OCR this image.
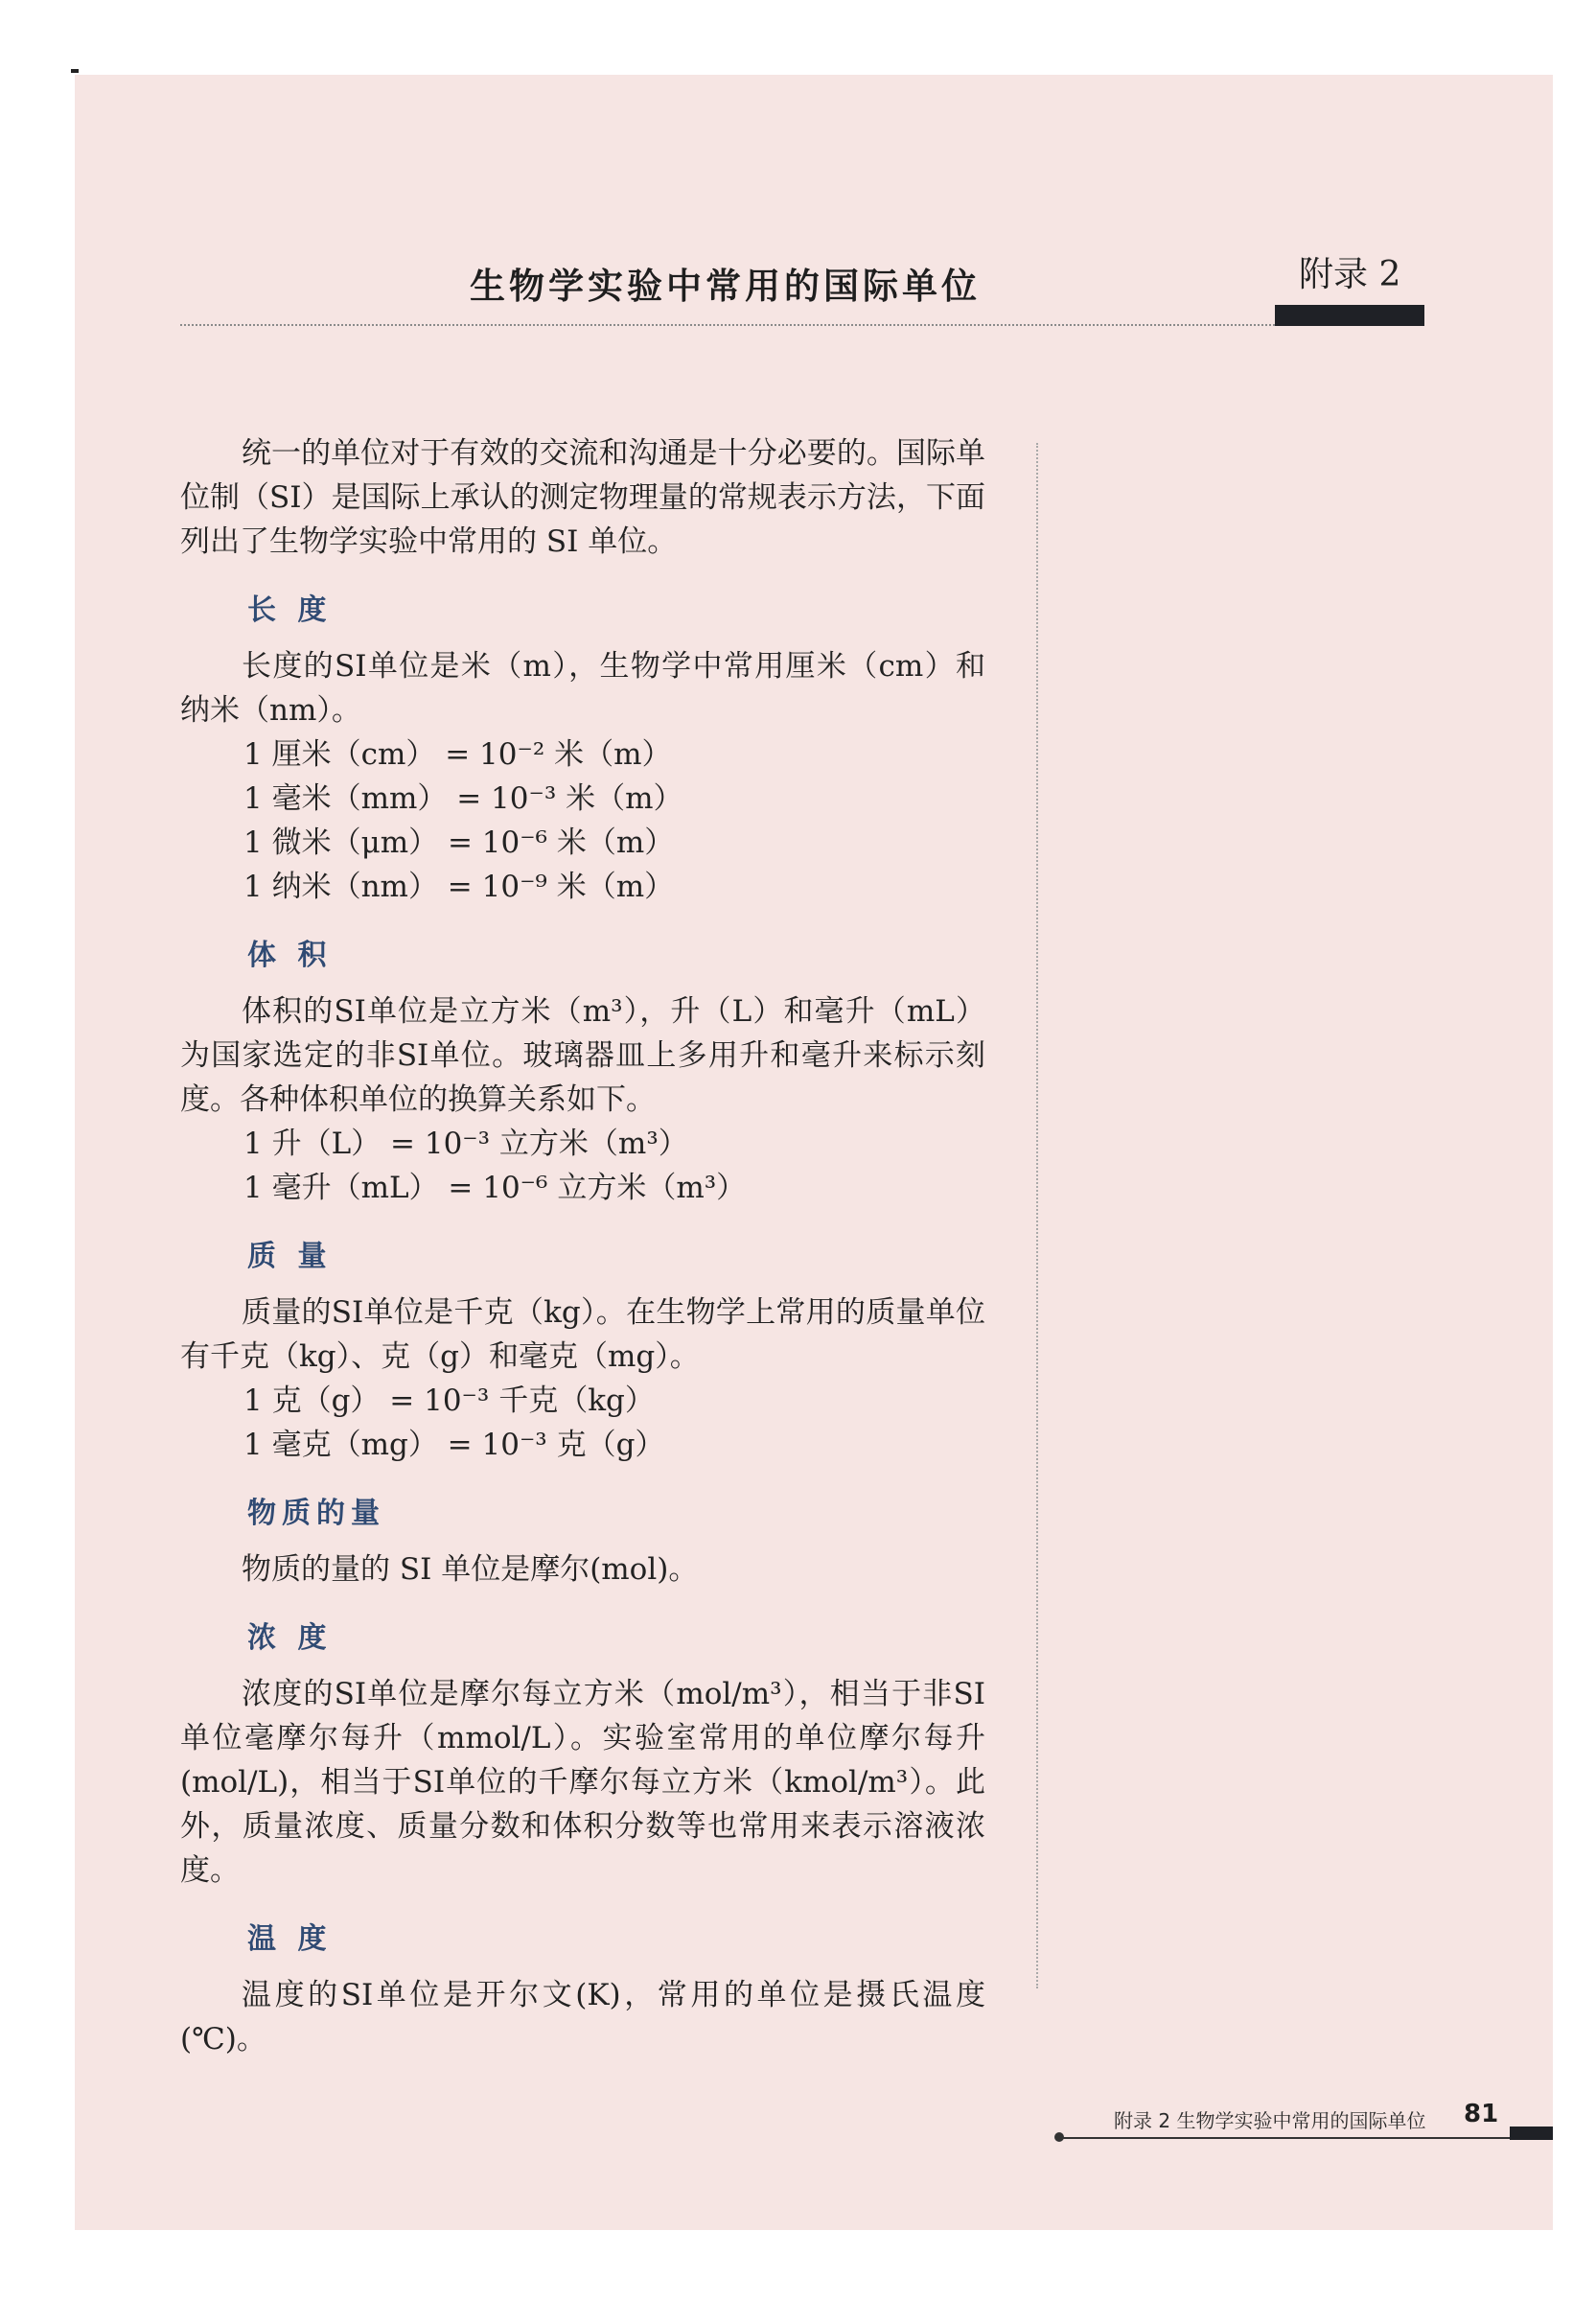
生物学实验中常用的国际单位	附录 2

统一的单位对于有效的交流和沟通是十分必要的。国际单位制（SI）是国际上承认的测定物理量的常规表示方法，下面列出了生物学实验中常用的 SI 单位。

长 度

长度的SI单位是米（m），生物学中常用厘米（cm）和纳米（nm）。

1 厘米（cm） = 10⁻² 米（m）
1 毫米（mm） = 10⁻³ 米（m）
1 微米（μm） = 10⁻⁶ 米（m）
1 纳米（nm） = 10⁻⁹ 米（m）
体 积

体积的SI单位是立方米（m³），升（L）和毫升（mL）为国家选定的非SI单位。玻璃器皿上多用升和毫升来标示刻度。各种体积单位的换算关系如下。

1 升（L） = 10⁻³ 立方米（m³）
1 毫升（mL） = 10⁻⁶ 立方米（m³）
质 量

质量的SI单位是千克（kg）。在生物学上常用的质量单位有千克（kg）、克（g）和毫克（mg）。

1 克（g） = 10⁻³ 千克（kg）
1 毫克（mg） = 10⁻³ 克（g）
物质的量

物质的量的 SI 单位是摩尔(mol)。

浓 度

浓度的SI单位是摩尔每立方米（mol/m³），相当于非SI单位毫摩尔每升（mmol/L）。实验室常用的单位摩尔每升(mol/L)，相当于SI单位的千摩尔每立方米（kmol/m³）。此外，质量浓度、质量分数和体积分数等也常用来表示溶液浓度。

温 度

温度的SI单位是开尔文(K)，常用的单位是摄氏温度(℃)。

附录 2 生物学实验中常用的国际单位 81
